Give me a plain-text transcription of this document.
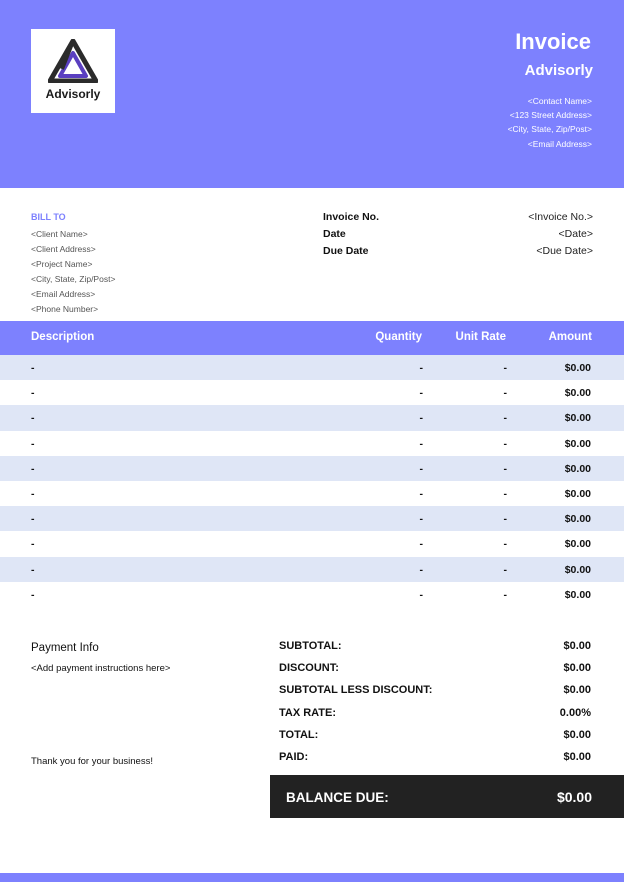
Advisorly
Invoice
Advisorly
<Contact Name>
<123 Street Address>
<City, State, Zip/Post>
<Email Address>
BILL TO
<Client Name>
<Client Address>
<Project Name>
<City, State, Zip/Post>
<Email Address>
<Phone Number>
Invoice No.	<Invoice No.>
Date	<Date>
Due Date	<Due Date>
Description	Quantity	Unit Rate	Amount
-	-	-	$0.00
-	-	-	$0.00
-	-	-	$0.00
-	-	-	$0.00
-	-	-	$0.00
-	-	-	$0.00
-	-	-	$0.00
-	-	-	$0.00
-	-	-	$0.00
-	-	-	$0.00
Payment Info
<Add payment instructions here>
Thank you for your business!
SUBTOTAL:	$0.00
DISCOUNT:	$0.00
SUBTOTAL LESS DISCOUNT:	$0.00
TAX RATE:	0.00%
TOTAL:	$0.00
PAID:	$0.00
BALANCE DUE:	$0.00
